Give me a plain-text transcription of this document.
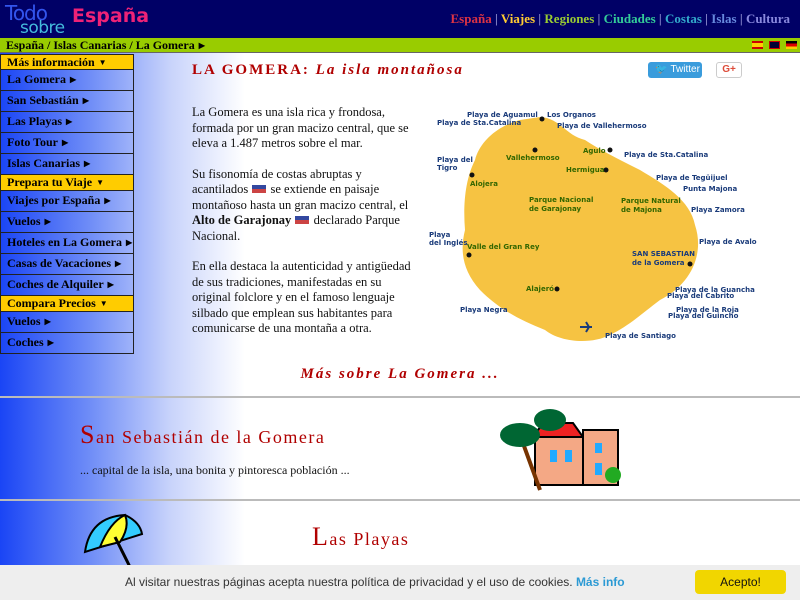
Todo
sobre
España	España | Viajes | Regiones | Ciudades | Costas | Islas | Cultura
España / Islas Canarias / La Gomera ▶
Más información ▼
La Gomera ▶
San Sebastián ▶
Las Playas ▶
Foto Tour ▶
Islas Canarias ▶
Prepara tu Viaje ▼
Viajes por España ▶
Vuelos ▶
Hoteles en La Gomera ▶
Casas de Vacaciones ▶
Coches de Alquiler ▶
Compara Precios ▼
Vuelos ▶
Coches ▶
LA GOMERA: La isla montañosa	🐦 Twitter	G+

La Gomera es una isla rica y frondosa, formada por un gran macizo central, que se eleva a 1.487 metros sobre el mar.

Su fisonomía de costas abruptas y acantilados se extiende en paisaje montañoso hasta un gran macizo central, el Alto de Garajonay declarado Parque Nacional.

En ella destaca la autenticidad y antigüedad de sus tradiciones, manifestadas en su original folclore y en el famoso lenguaje silbado que emplean sus habitantes para comunicarse de una montaña a otra.

Playa de Aguamul
Playa de Sta.Catalina
Los Organos
Playa de Vallehermoso
Playa de Sta.Catalina
Playa del
Tigro
Playa de Tegüijuel
Punta Majona
Playa Zamora
Playa
del Inglés	Playa de Avalo
Playa de la Guancha
Playa del Cabrito
Playa Negra	Playa de la Roja
Playa del Guincho
Playa de Santiago
SAN SEBASTIAN
de la Gomera
Vallehermoso
Agulo
Hermigua
Alojera
Parque Nacional
de Garajonay
Parque Natural
de Majona
Valle del Gran Rey
Alajeró
Más sobre La Gomera ...
San Sebastián de la Gomera
... capital de la isla, una bonita y pintoresca población ...
Las Playas
Al visitar nuestras páginas acepta nuestra política de privacidad y el uso de cookies. Más info	Acepto!
